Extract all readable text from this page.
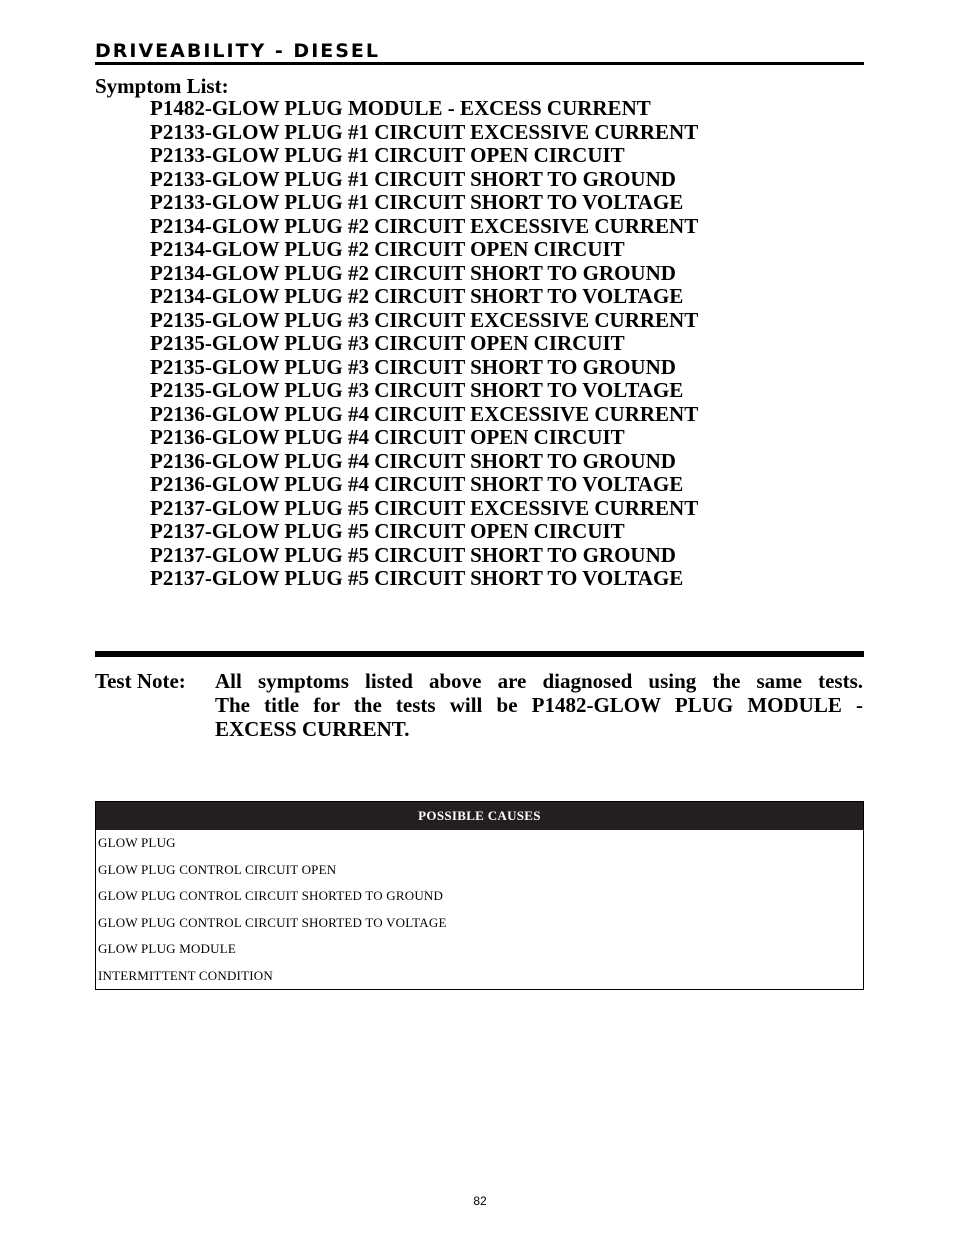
DRIVEABILITY - DIESEL
Symptom List:
P1482-GLOW PLUG MODULE - EXCESS CURRENT
P2133-GLOW PLUG #1 CIRCUIT EXCESSIVE CURRENT
P2133-GLOW PLUG #1 CIRCUIT OPEN CIRCUIT
P2133-GLOW PLUG #1 CIRCUIT SHORT TO GROUND
P2133-GLOW PLUG #1 CIRCUIT SHORT TO VOLTAGE
P2134-GLOW PLUG #2 CIRCUIT EXCESSIVE CURRENT
P2134-GLOW PLUG #2 CIRCUIT OPEN CIRCUIT
P2134-GLOW PLUG #2 CIRCUIT SHORT TO GROUND
P2134-GLOW PLUG #2 CIRCUIT SHORT TO VOLTAGE
P2135-GLOW PLUG #3 CIRCUIT EXCESSIVE CURRENT
P2135-GLOW PLUG #3 CIRCUIT OPEN CIRCUIT
P2135-GLOW PLUG #3 CIRCUIT SHORT TO GROUND
P2135-GLOW PLUG #3 CIRCUIT SHORT TO VOLTAGE
P2136-GLOW PLUG #4 CIRCUIT EXCESSIVE CURRENT
P2136-GLOW PLUG #4 CIRCUIT OPEN CIRCUIT
P2136-GLOW PLUG #4 CIRCUIT SHORT TO GROUND
P2136-GLOW PLUG #4 CIRCUIT SHORT TO VOLTAGE
P2137-GLOW PLUG #5 CIRCUIT EXCESSIVE CURRENT
P2137-GLOW PLUG #5 CIRCUIT OPEN CIRCUIT
P2137-GLOW PLUG #5 CIRCUIT SHORT TO GROUND
P2137-GLOW PLUG #5 CIRCUIT SHORT TO VOLTAGE
Test Note: All symptoms listed above are diagnosed using the same tests.
The title for the tests will be P1482-GLOW PLUG MODULE -
EXCESS CURRENT.
POSSIBLE CAUSES
GLOW PLUG
GLOW PLUG CONTROL CIRCUIT OPEN
GLOW PLUG CONTROL CIRCUIT SHORTED TO GROUND
GLOW PLUG CONTROL CIRCUIT SHORTED TO VOLTAGE
GLOW PLUG MODULE
INTERMITTENT CONDITION
82
